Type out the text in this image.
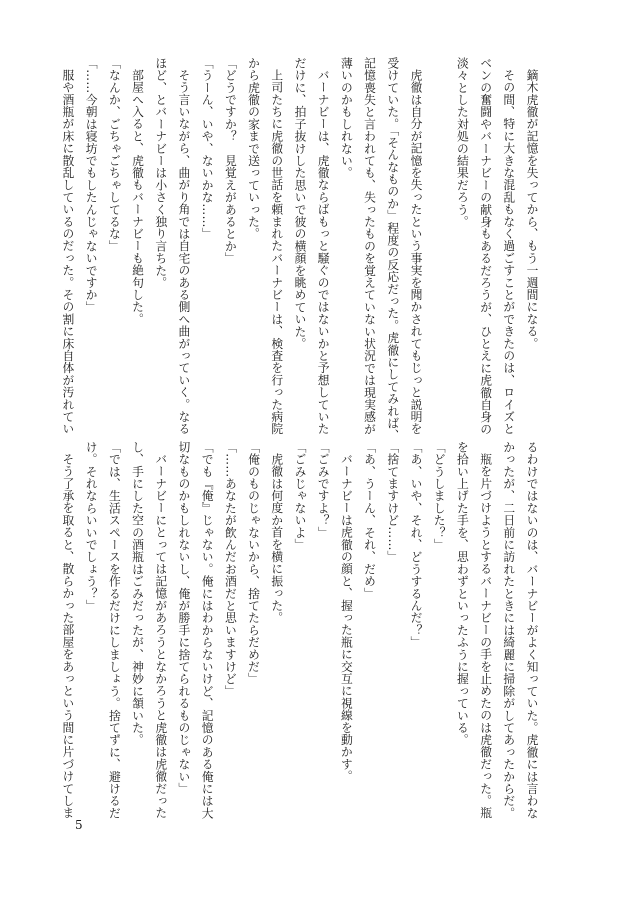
鏑木虎徹が記憶を失ってから、もう一週間になる。
その間、特に大きな混乱もなく過ごすことができたのは、ロイズと
ベンの奮闘やバーナビーの献身もあるだろうが、ひとえに虎徹自身の
淡々とした対処の結果だろう。

虎徹は自分が記憶を失ったという事実を聞かされてもじっと説明を
受けていた。「そんなものか」程度の反応だった。虎徹にしてみれば、
記憶喪失と言われても、失ったものを覚えていない状況では現実感が
薄いのかもしれない。
バーナビーは、虎徹ならばもっと騒ぐのではないかと予想していた
だけに、拍子抜けした思いで彼の横顔を眺めていた。
上司たちに虎徹の世話を頼まれたバーナビーは、検査を行った病院
から虎徹の家まで送っていった。
「どうですか？　見覚えがあるとか」
「うーん、いや、ないかな……」
そう言いながら、曲がり角では自宅のある側へ曲がっていく。なる
ほど、とバーナビーは小さく独り言ちた。
部屋へ入ると、虎徹もバーナビーも絶句した。
「なんか、ごちゃごちゃしてるな」
「……今朝は寝坊でもしたんじゃないですか」
服や酒瓶が床に散乱しているのだった。その割に床自体が汚れてい
るわけではないのは、バーナビーがよく知っていた。虎徹には言わな
かったが、二日前に訪れたときには綺麗に掃除がしてあったからだ。
瓶を片づけようとするバーナビーの手を止めたのは虎徹だった。瓶
を拾い上げた手を、思わずといったふうに握っている。
「どうしました？」
「あ、いや、それ、どうするんだ？」
「捨てますけど……」
「あ、うーん、それ、だめ」
バーナビーは虎徹の顔と、握った瓶に交互に視線を動かす。
「ごみですよ？」
「ごみじゃないよ」
虎徹は何度か首を横に振った。
「俺のものじゃないから、捨てたらだめだ」
「……あなたが飲んだお酒だと思いますけど」
「でも『俺』じゃない。俺にはわからないけど、記憶のある俺には大
切なものかもしれないし、俺が勝手に捨てられるものじゃない」
バーナビーにとっては記憶があろうとなかろうと虎徹は虎徹だった
し、手にした空の酒瓶はごみだったが、神妙に頷いた。
「では、生活スペースを作るだけにしましょう。捨てずに、避けるだ
け。それならいいでしょう？」
そう了承を取ると、散らかった部屋をあっという間に片づけてしま
5
